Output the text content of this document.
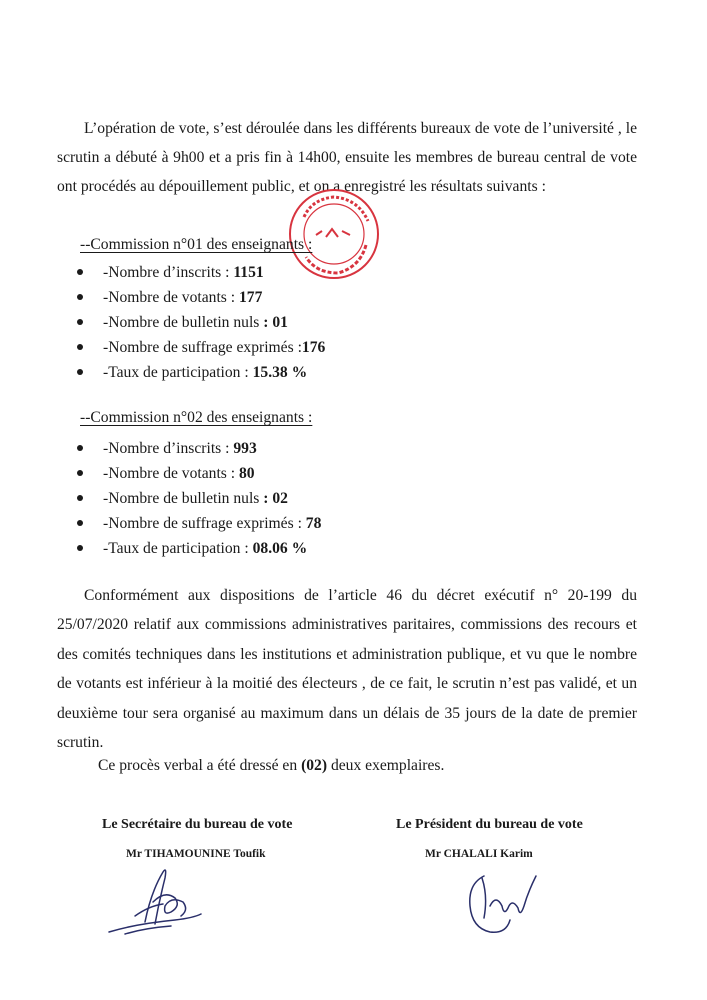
L’opération de vote, s’est déroulée dans les différents bureaux de vote de l’université , le scrutin a débuté à 9h00 et a pris fin à 14h00, ensuite les membres de bureau central de vote ont procédés au dépouillement public, et on a enregistré les résultats suivants :

--Commission n°01 des enseignants :
-Nombre d’inscrits : 1151
-Nombre de votants : 177
-Nombre de bulletin nuls : 01
-Nombre de suffrage exprimés :176
-Taux de participation : 15.38 %
--Commission n°02 des enseignants :
-Nombre d’inscrits : 993
-Nombre de votants : 80
-Nombre de bulletin nuls : 02
-Nombre de suffrage exprimés : 78
-Taux de participation : 08.06 %

Conformément aux dispositions de l’article 46 du décret exécutif n° 20-199 du 25/07/2020 relatif aux commissions administratives paritaires, commissions des recours et des comités techniques dans les institutions et administration publique, et vu que le nombre de votants est inférieur à la moitié des électeurs , de ce fait, le scrutin n’est pas validé, et un deuxième tour sera organisé au maximum dans un délais de 35 jours de la date de premier scrutin.

Ce procès verbal a été dressé en (02) deux exemplaires.
Le Secrétaire du bureau de vote
Mr TIHAMOUNINE Toufik
Le Président du bureau de vote
Mr CHALALI Karim
